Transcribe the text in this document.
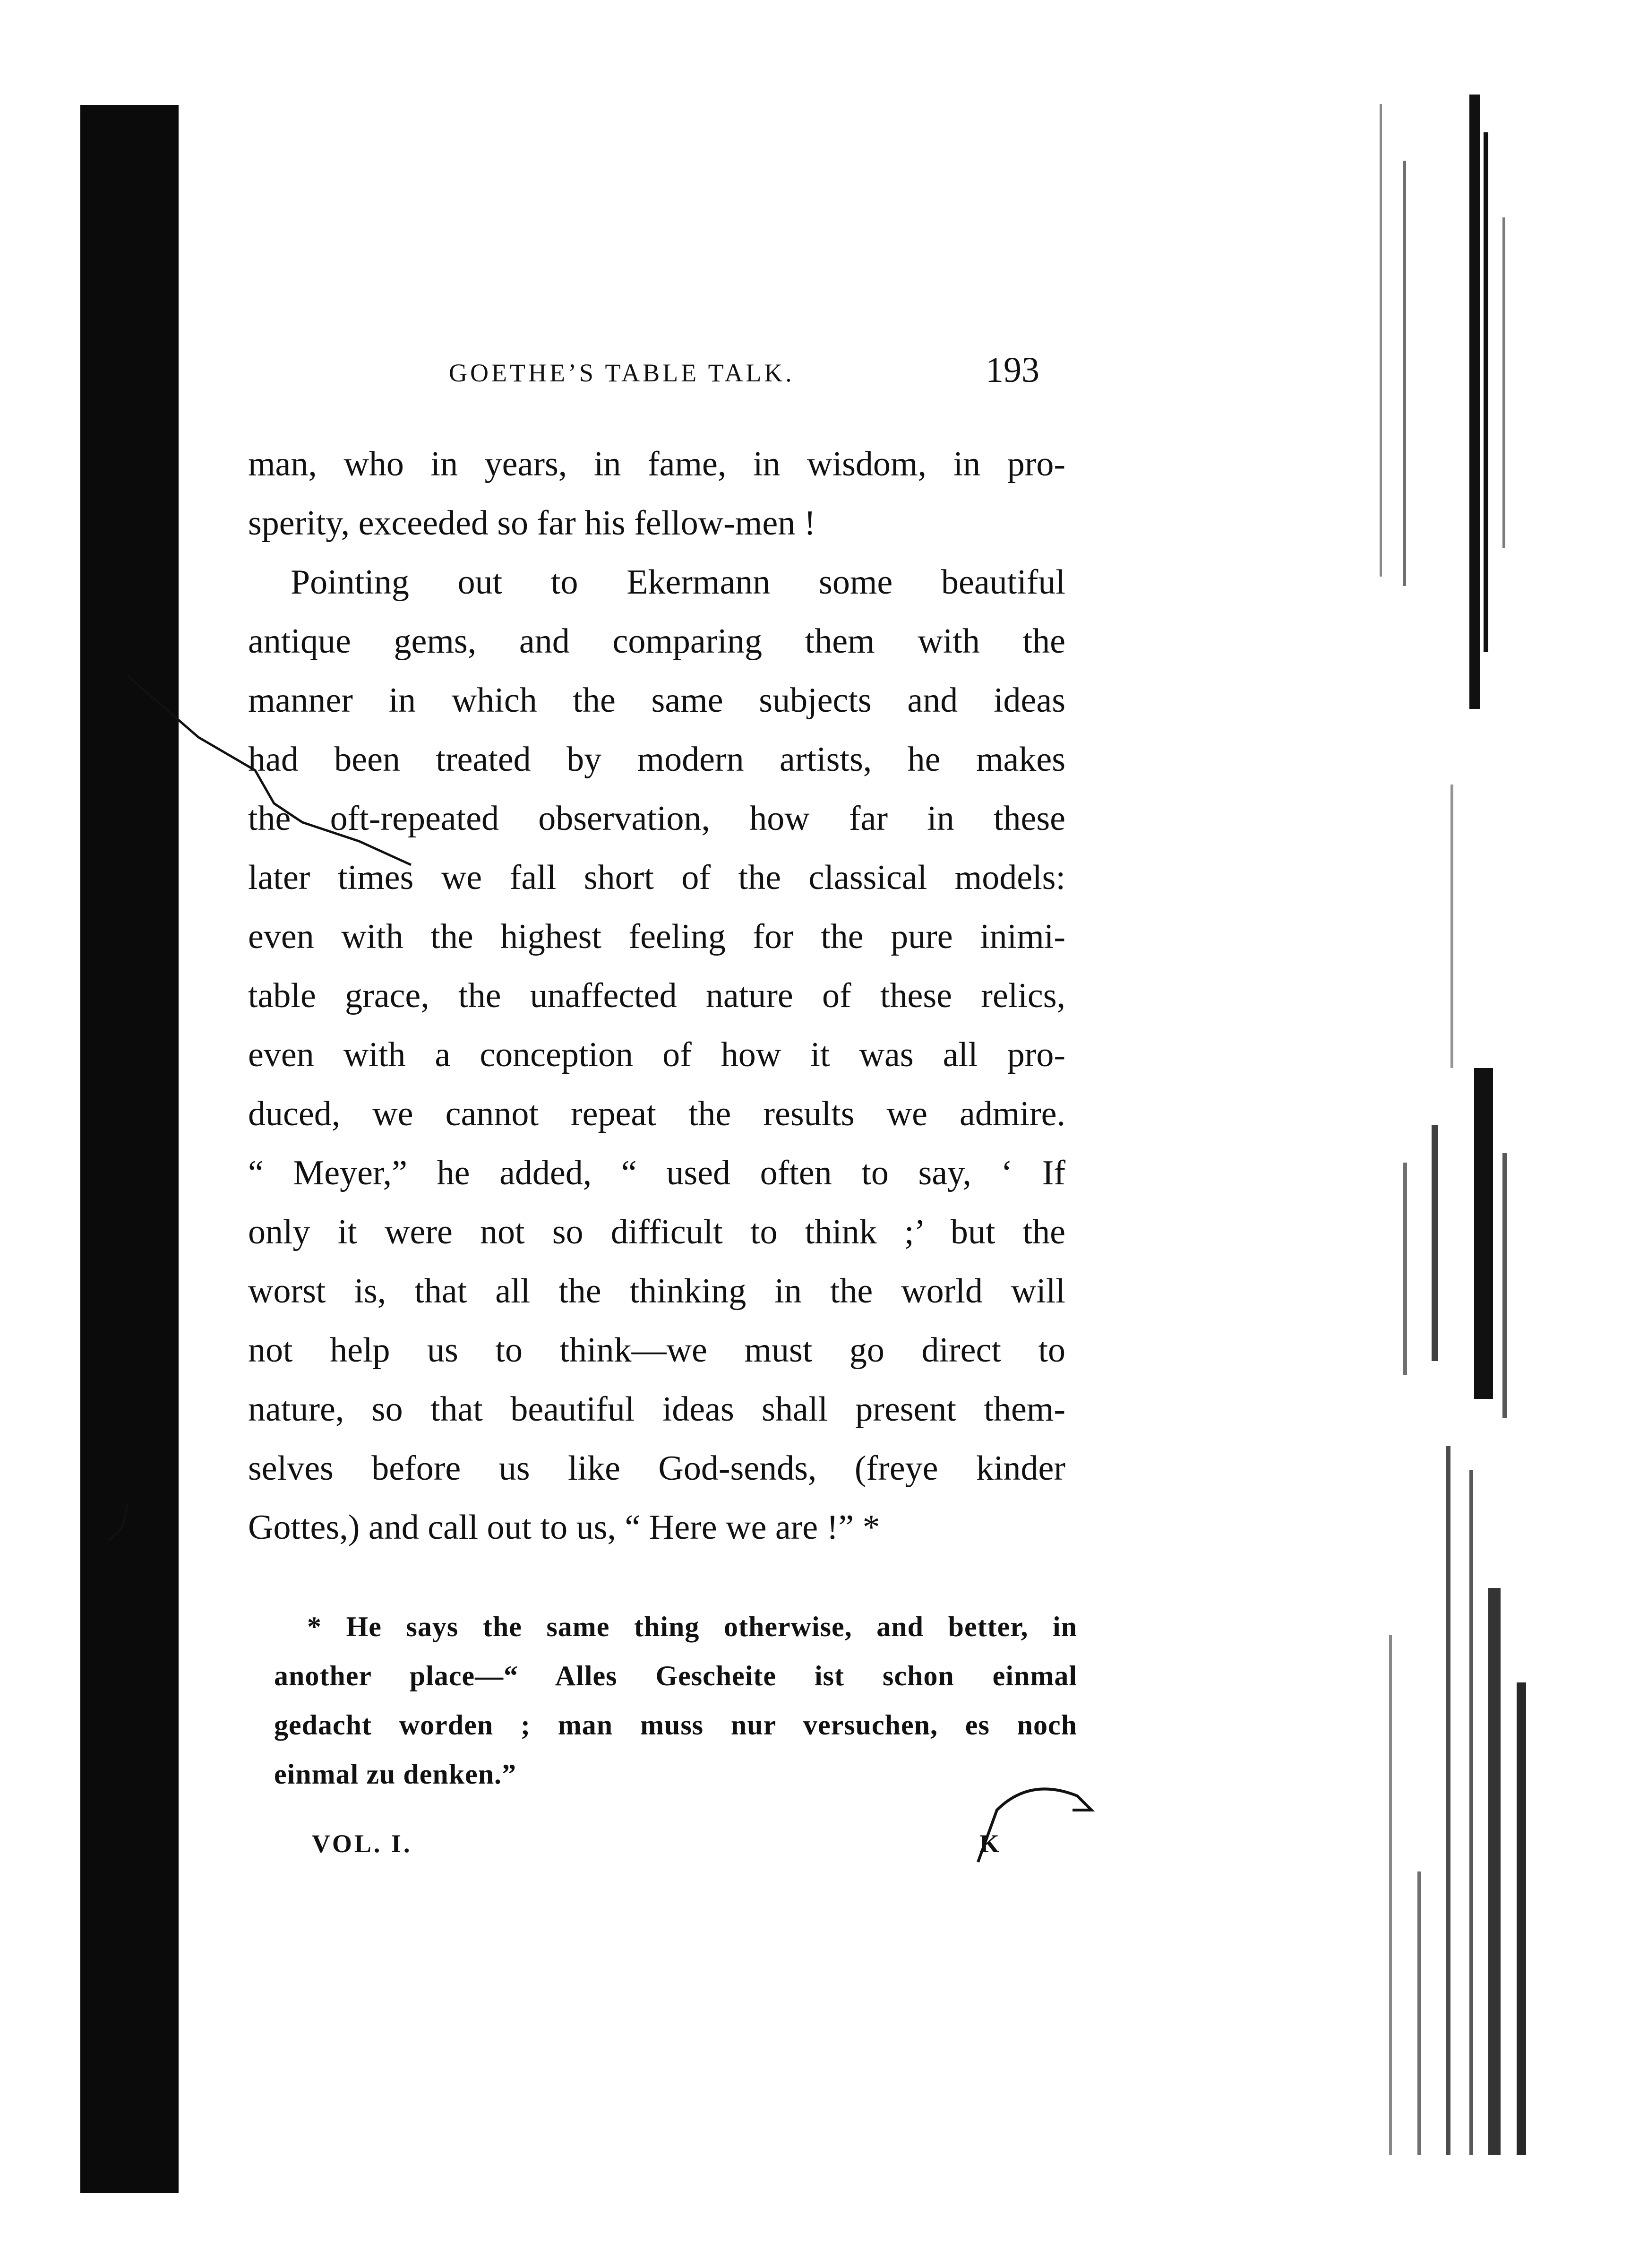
GOETHE’S TABLE TALK.	193
man, who in years, in fame, in wisdom, in pro-
sperity, exceeded so far his fellow-men !
Pointing out to Ekermann some beautiful
antique gems, and comparing them with the
manner in which the same subjects and ideas
had been treated by modern artists, he makes
the oft-repeated observation, how far in these
later times we fall short of the classical models:
even with the highest feeling for the pure inimi-
table grace, the unaffected nature of these relics,
even with a conception of how it was all pro-
duced, we cannot repeat the results we admire.
“ Meyer,” he added, “ used often to say, ‘ If
only it were not so difficult to think ;’ but the
worst is, that all the thinking in the world will
not help us to think—we must go direct to
nature, so that beautiful ideas shall present them-
selves before us like God-sends, (freye kinder
Gottes,) and call out to us, “ Here we are !” *
* He says the same thing otherwise, and better, in
another place—“ Alles Gescheite ist schon einmal
gedacht worden ; man muss nur versuchen, es noch
einmal zu denken.”
VOL. I.	K
